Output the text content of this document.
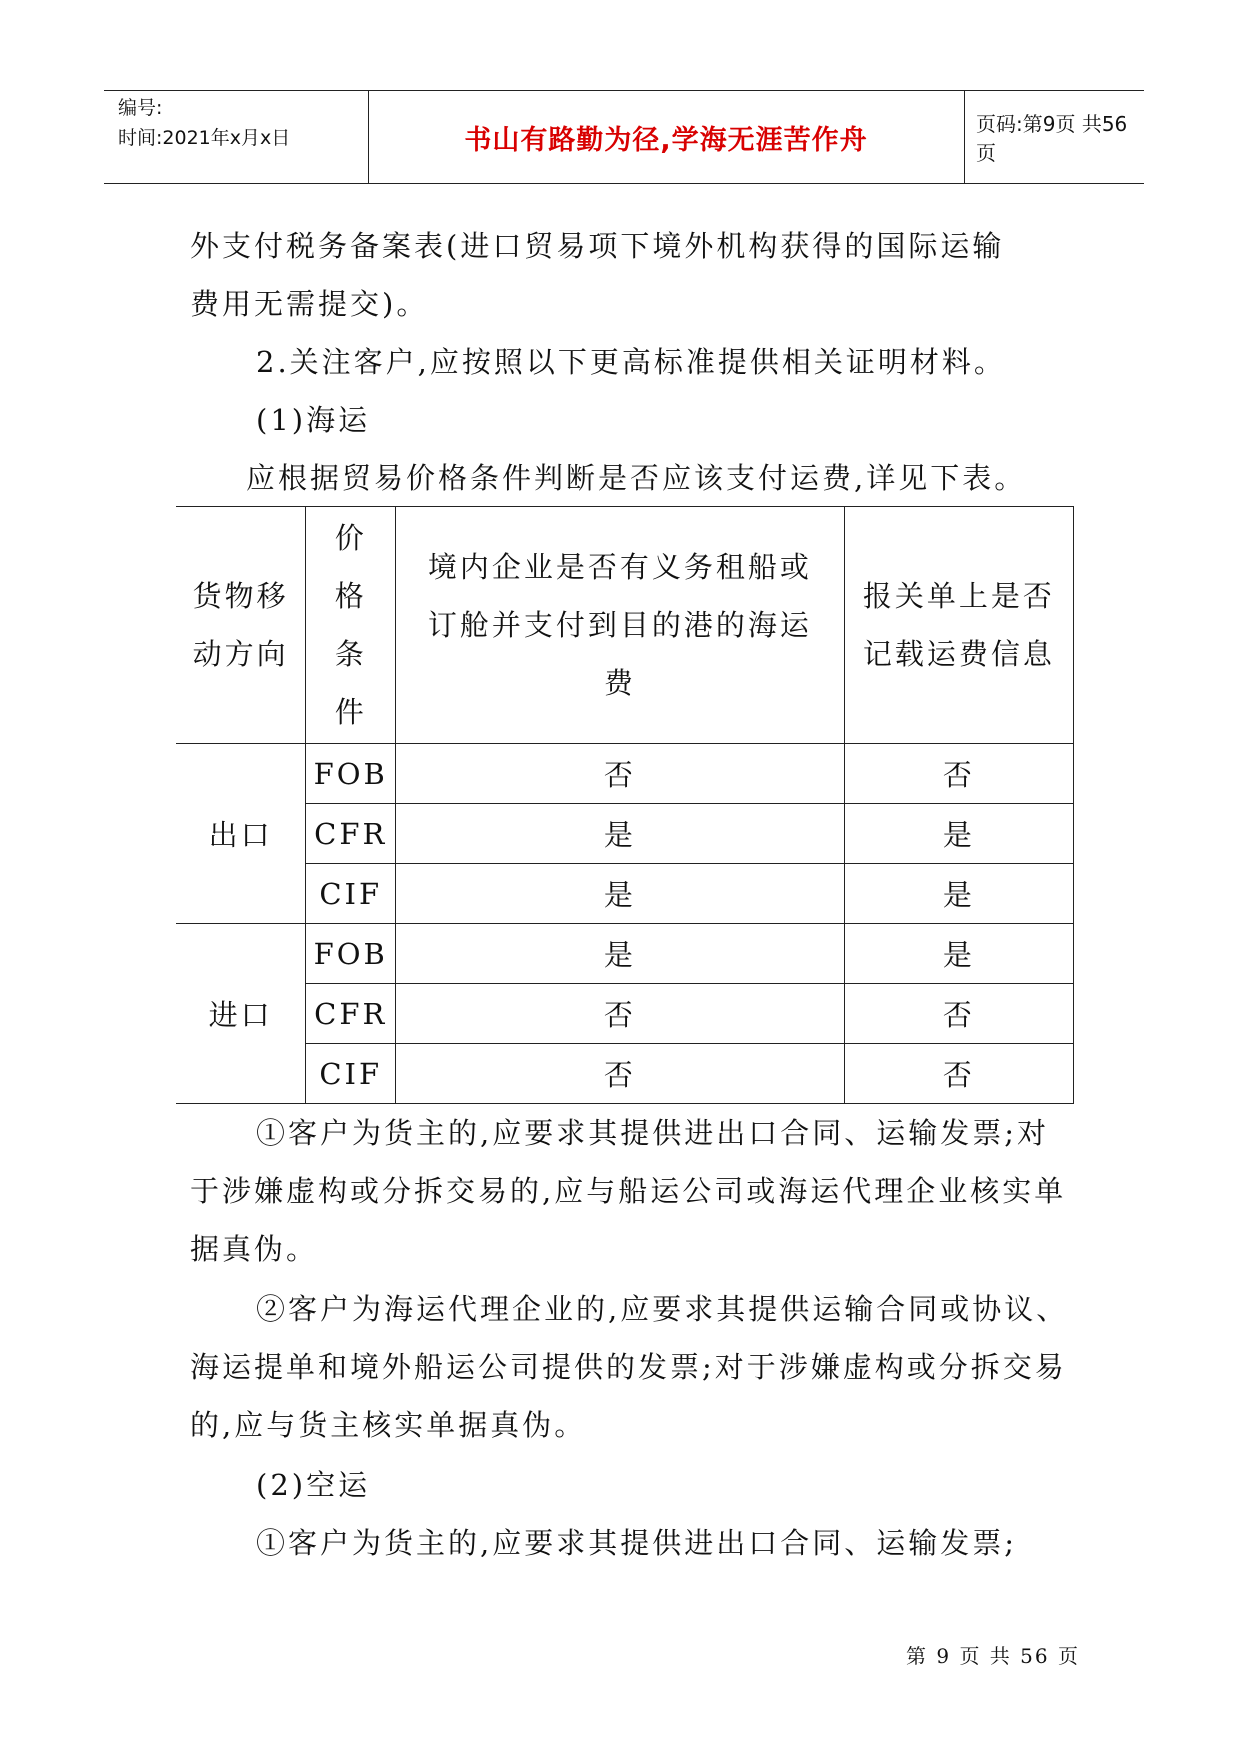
编号:
时间:2021年x月x日	书山有路勤为径,学海无涯苦作舟
页码:第9页 共56页

外支付税务备案表(进口贸易项下境外机构获得的国际运输

费用无需提交)。

2.关注客户,应按照以下更高标准提供相关证明材料。

(1)海运

应根据贸易价格条件判断是否应该支付运费,详见下表。

货物移动方向	价格条件	境内企业是否有义务租船或订舱并支付到目的港的海运费	报关单上是否记载运费信息
出口	FOB	否	否
	CFR	是	是
	CIF	是	是
进口	FOB	是	是
	CFR	否	否
	CIF	否	否

①客户为货主的,应要求其提供进出口合同、运输发票;对于涉嫌虚构或分拆交易的,应与船运公司或海运代理企业核实单据真伪。

②客户为海运代理企业的,应要求其提供运输合同或协议、海运提单和境外船运公司提供的发票;对于涉嫌虚构或分拆交易的,应与货主核实单据真伪。

(2)空运

①客户为货主的,应要求其提供进出口合同、运输发票;

第 9 页 共 56 页
